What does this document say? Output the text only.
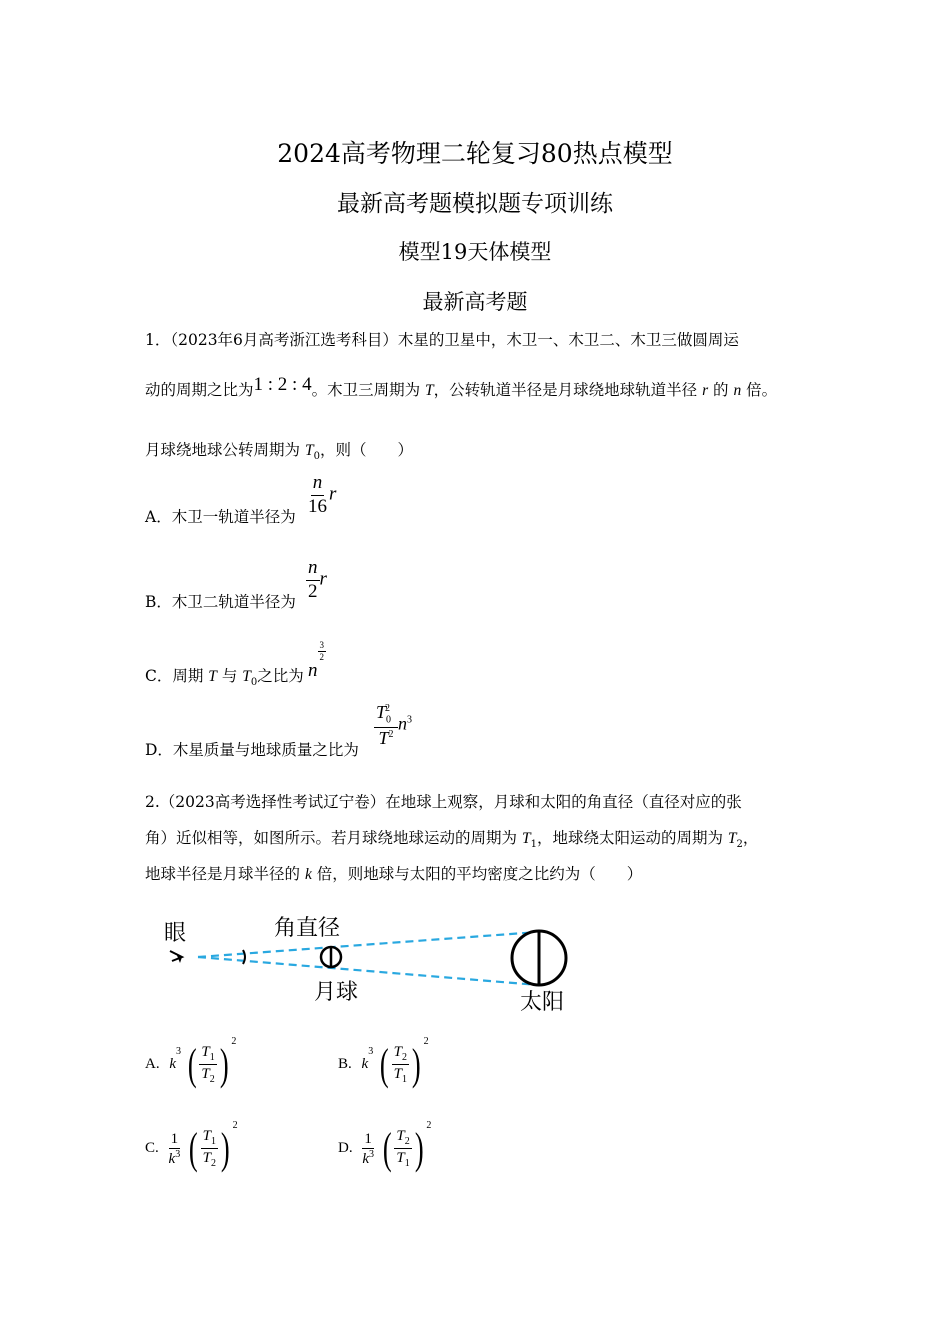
2024高考物理二轮复习80热点模型
最新高考题模拟题专项训练
模型19天体模型
最新高考题
1．（2023年6月高考浙江选考科目）木星的卫星中，木卫一、木卫二、木卫三做圆周运
动的周期之比为1 : 2 : 4。木卫三周期为 T，公转轨道半径是月球绕地球轨道半径 r 的 n 倍。
月球绕地球公转周期为 $T_0$，则（　　）
A．木卫一轨道半径为 $\frac{n}{16}$ r
B．木卫二轨道半径为 $\frac{n}{2}$ r
C．周期 T 与 $T_0$之比为 n
$\frac{3}{2}$
D．木星质量与地球质量之比为
$\frac{T_0^2}{T^2} n^3$
2.（2023高考选择性考试辽宁卷）在地球上观察，月球和太阳的角直径（直径对应的张
角）近似相等，如图所示。若月球绕地球运动的周期为 $T_1$，地球绕太阳运动的周期为 $T_2$，
地球半径是月球半径的 k 倍，则地球与太阳的平均密度之比约为（　　）
眼	角直径
月球	太阳
A. $k^3$ ( $\frac{T_1}{T_2}$ ) $^2$
B. $k^3$ ( $\frac{T_2}{T_1}$ ) $^2$
C. $\frac{1}{k^3}$ ( $\frac{T_1}{T_2}$ ) $^2$
D. $\frac{1}{k^3}$ ( $\frac{T_2}{T_1}$ ) $^2$
